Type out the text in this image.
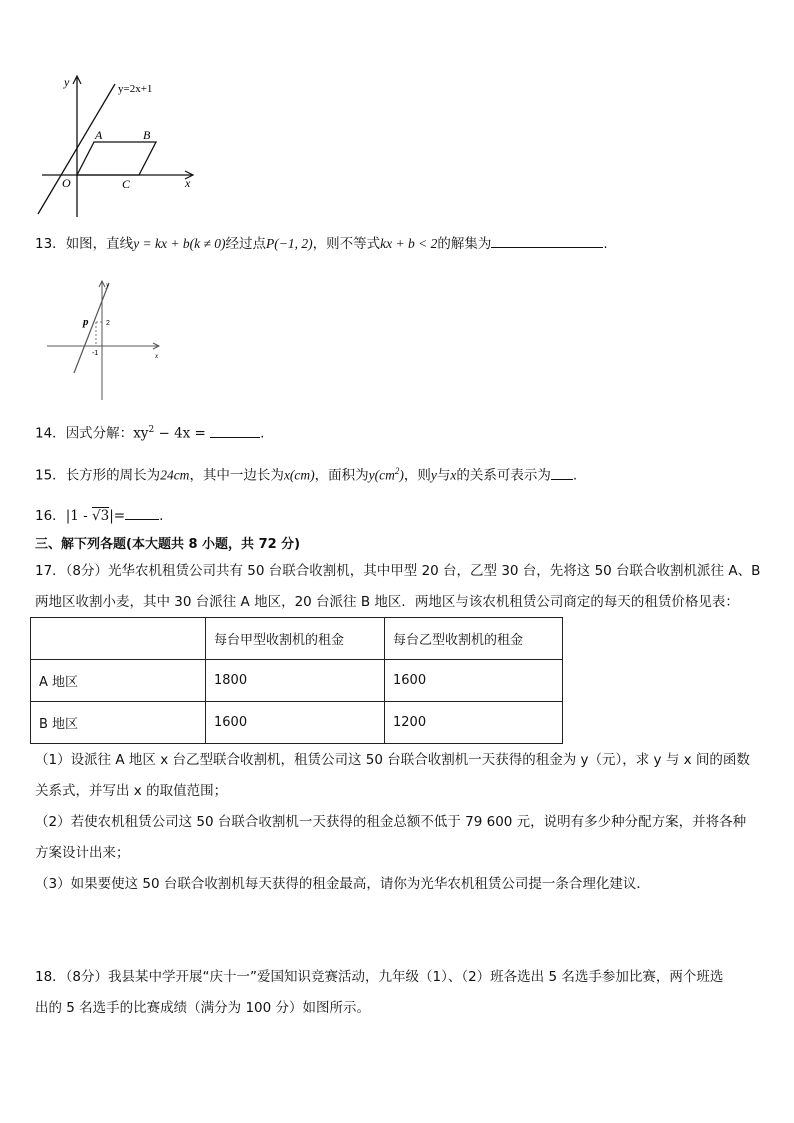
y=2x+1
y
x
O
A	B
C
13．如图，直线y = kx + b(k ≠ 0)经过点P(−1, 2)，则不等式kx + b < 2的解集为	.
p	2
-1	x
y
14．因式分解：$xy^2 - 4x$ =	.
15．长方形的周长为24cm，其中一边长为x(cm)，面积为$y(cm^2)$，则y与x的关系可表示为 .
16．|1 - √3|=	.
三、解下列各题(本大题共 8 小题，共 72 分)
17．（8分）光华农机租赁公司共有 50 台联合收割机，其中甲型 20 台，乙型 30 台，先将这 50 台联合收割机派往 A、B
两地区收割小麦，其中 30 台派往 A 地区，20 台派往 B 地区．两地区与该农机租赁公司商定的每天的租赁价格见表：
	每台甲型收割机的租金	每台乙型收割机的租金
A 地区	1800	1600
B 地区	1600	1200
（1）设派往 A 地区 x 台乙型联合收割机，租赁公司这 50 台联合收割机一天获得的租金为 y（元），求 y 与 x 间的函数
关系式，并写出 x 的取值范围；
（2）若使农机租赁公司这 50 台联合收割机一天获得的租金总额不低于 79 600 元，说明有多少种分配方案，并将各种
方案设计出来；
（3）如果要使这 50 台联合收割机每天获得的租金最高，请你为光华农机租赁公司提一条合理化建议．
18．（8分）我县某中学开展“庆十一”爱国知识竞赛活动，九年级（1）、（2）班各选出 5 名选手参加比赛，两个班选
出的 5 名选手的比赛成绩（满分为 100 分）如图所示。
